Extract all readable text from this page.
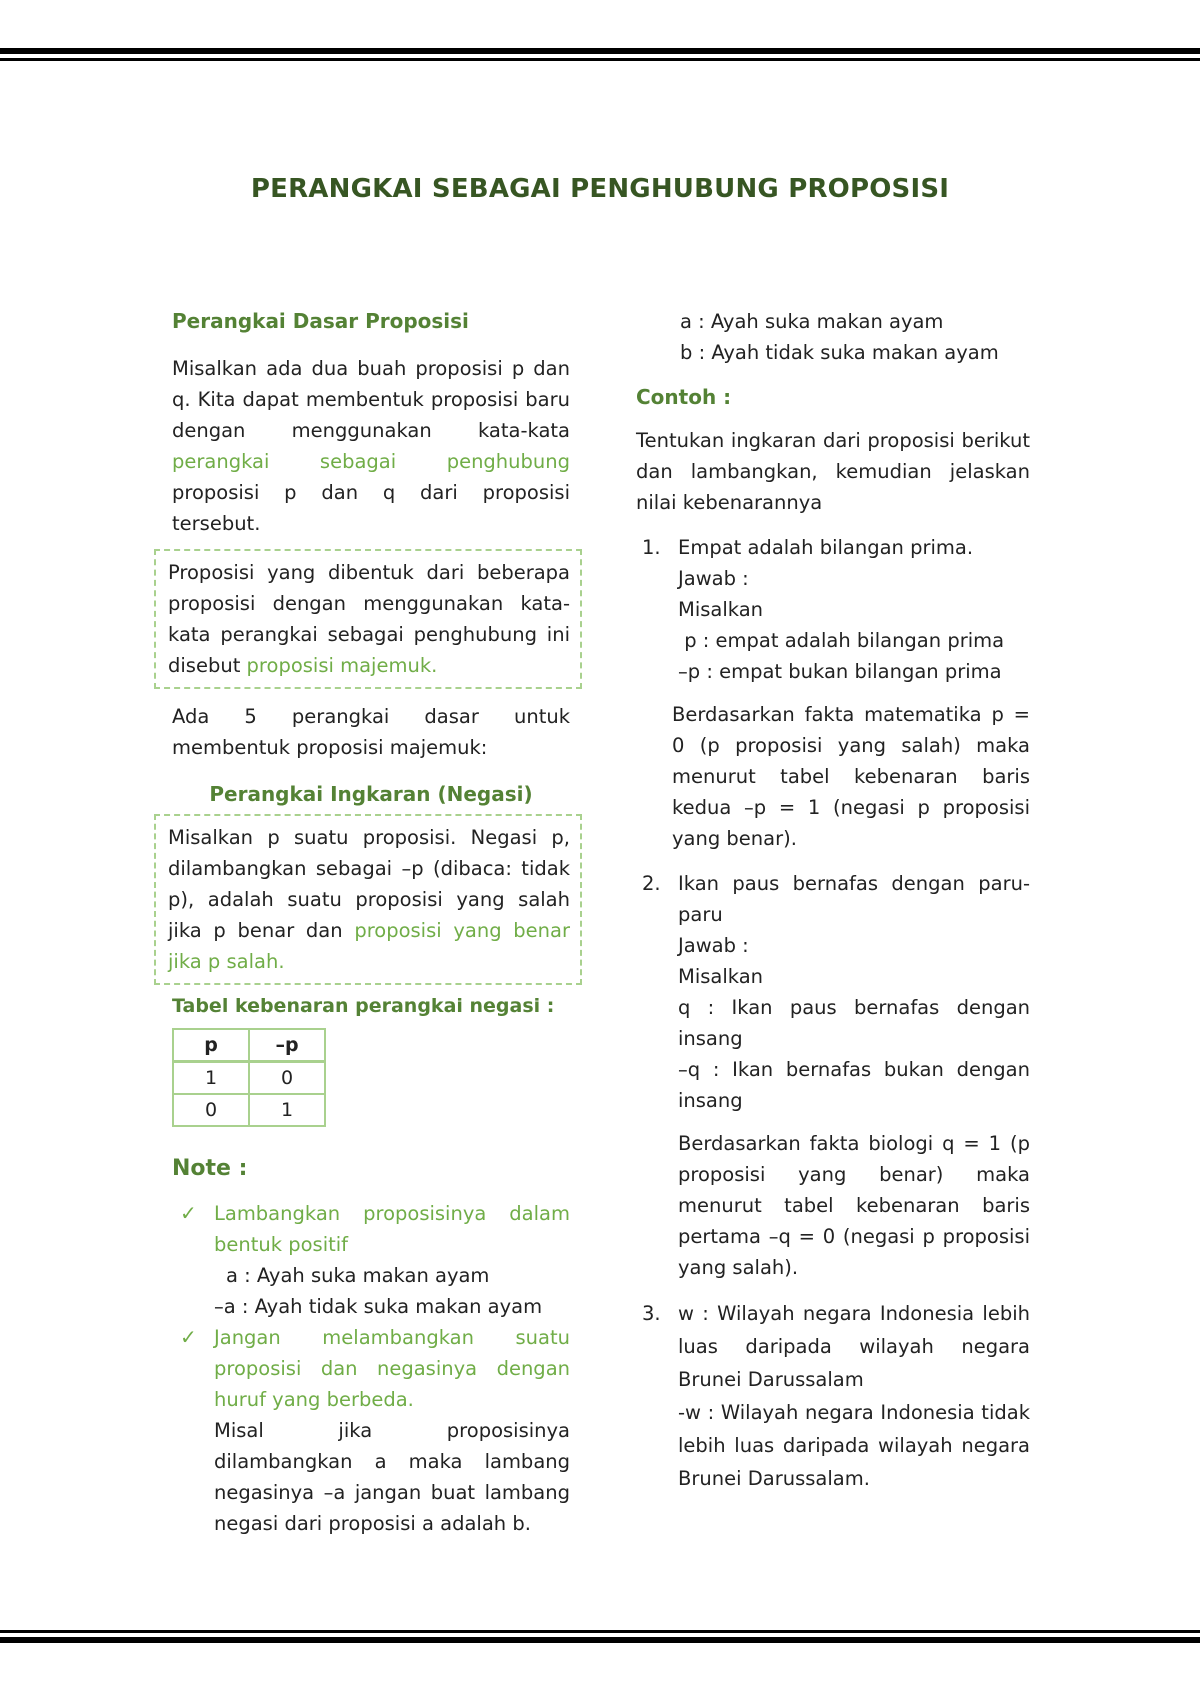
PERANGKAI SEBAGAI PENGHUBUNG PROPOSISI
Perangkai Dasar Proposisi

Misalkan ada dua buah proposisi p dan q. Kita dapat membentuk proposisi baru dengan menggunakan kata-kata perangkai sebagai penghubung proposisi p dan q dari proposisi tersebut.

Proposisi yang dibentuk dari beberapa proposisi dengan menggunakan kata-kata perangkai sebagai penghubung ini disebut proposisi majemuk.

Ada 5 perangkai dasar untuk membentuk proposisi majemuk:

Perangkai Ingkaran (Negasi)

Misalkan p suatu proposisi. Negasi p, dilambangkan sebagai –p (dibaca: tidak p), adalah suatu proposisi yang salah jika p benar dan proposisi yang benar jika p salah.

Tabel kebenaran perangkai negasi :
p	–p
1	0
0	1
Note :
✓ Lambangkan proposisinya dalam bentuk positif

a : Ayah suka makan ayam

–a : Ayah tidak suka makan ayam

✓ Jangan melambangkan suatu proposisi dan negasinya dengan huruf yang berbeda.

Misal jika proposisinya dilambangkan a maka lambang negasinya –a jangan buat lambang negasi dari proposisi a adalah b.

a : Ayah suka makan ayam

b : Ayah tidak suka makan ayam

Contoh :

Tentukan ingkaran dari proposisi berikut dan lambangkan, kemudian jelaskan nilai kebenarannya

1. Empat adalah bilangan prima.

Jawab :

Misalkan

p : empat adalah bilangan prima

–p : empat bukan bilangan prima

Berdasarkan fakta matematika p = 0 (p proposisi yang salah) maka menurut tabel kebenaran baris kedua –p = 1 (negasi p proposisi yang benar).

2. Ikan paus bernafas dengan paru-paru

Jawab :

Misalkan

q : Ikan paus bernafas dengan insang

–q : Ikan bernafas bukan dengan insang

Berdasarkan fakta biologi q = 1 (p proposisi yang benar) maka menurut tabel kebenaran baris pertama –q = 0 (negasi p proposisi yang salah).

3. w : Wilayah negara Indonesia lebih luas daripada wilayah negara Brunei Darussalam

-w : Wilayah negara Indonesia tidak lebih luas daripada wilayah negara Brunei Darussalam.
